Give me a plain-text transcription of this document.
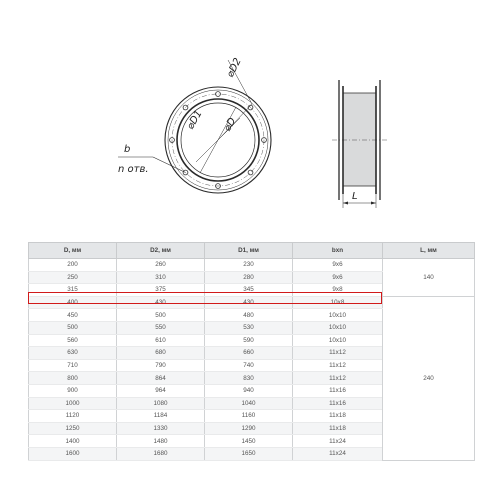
⌀D2
⌀D1 ⌀D
b
n отв.
L
D, мм	D2, мм	D1, мм	bxn	L, мм
200	260	230	9x6	140
250	310	280	9x6	
315	375	345	9x8	
400	430	430	10x8	240
450	500	480	10x10	
500	550	530	10x10	
560	610	590	10x10	
630	680	660	11x12	
710	790	740	11x12	
800	864	830	11x12	
900	964	940	11x16	
1000	1080	1040	11x16	
1120	1184	1160	11x18	
1250	1330	1290	11x18	
1400	1480	1450	11x24	
1600	1680	1650	11x24	
